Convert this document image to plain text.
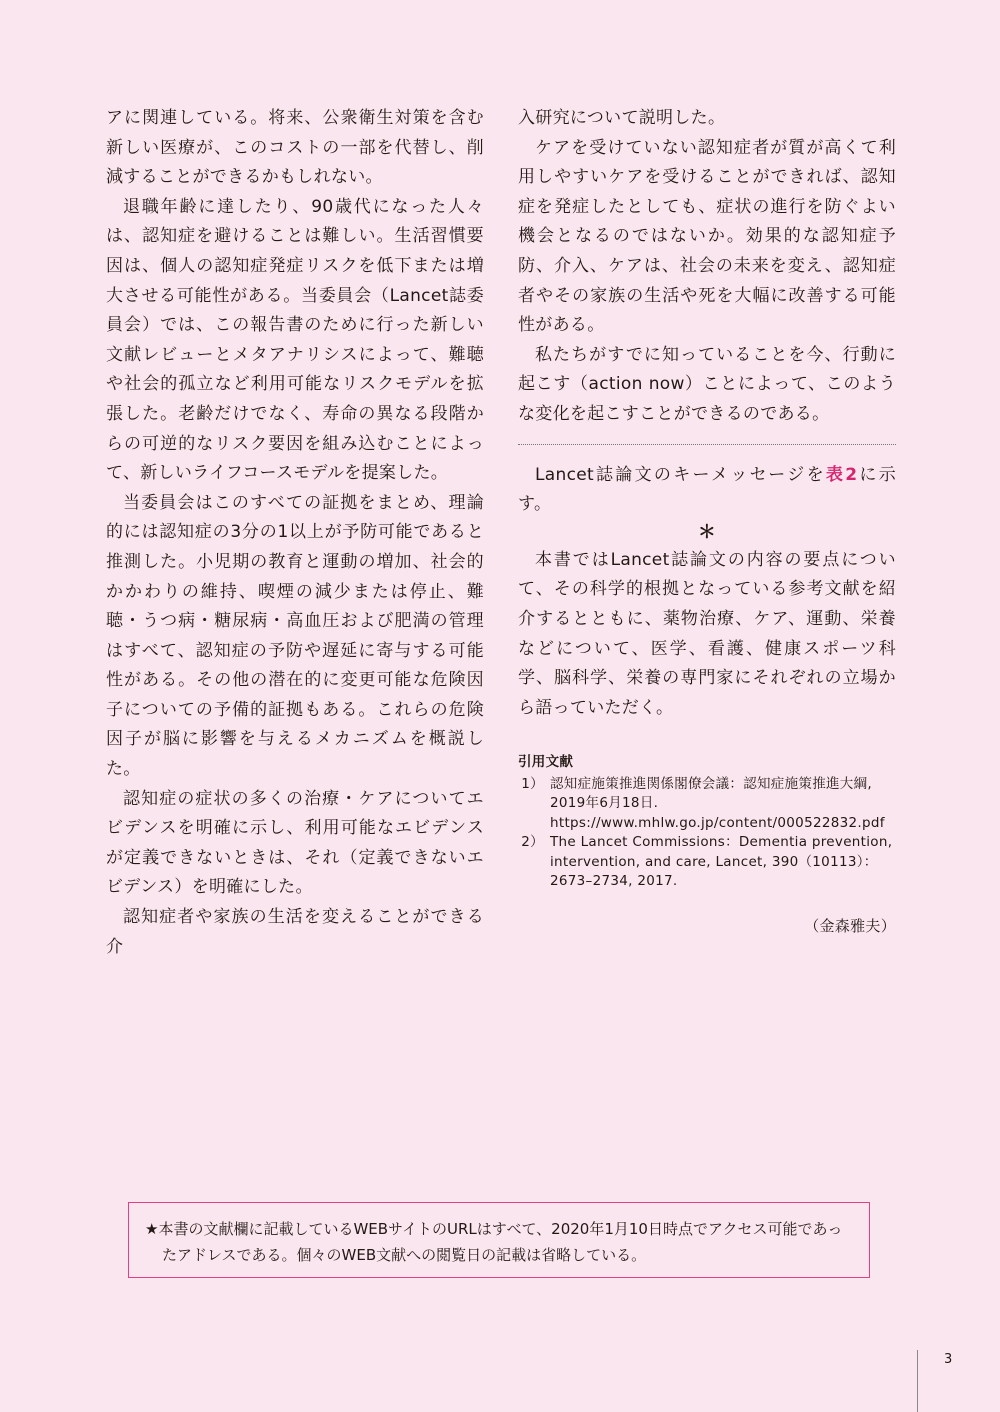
アに関連している。将来、公衆衛生対策を含む新しい医療が、このコストの一部を代替し、削減することができるかもしれない。

退職年齢に達したり、90歳代になった人々は、認知症を避けることは難しい。生活習慣要因は、個人の認知症発症リスクを低下または増大させる可能性がある。当委員会（Lancet誌委員会）では、この報告書のために行った新しい文献レビューとメタアナリシスによって、難聴や社会的孤立など利用可能なリスクモデルを拡張した。老齢だけでなく、寿命の異なる段階からの可逆的なリスク要因を組み込むことによって、新しいライフコースモデルを提案した。

当委員会はこのすべての証拠をまとめ、理論的には認知症の3分の1以上が予防可能であると推測した。小児期の教育と運動の増加、社会的かかわりの維持、喫煙の減少または停止、難聴・うつ病・糖尿病・高血圧および肥満の管理はすべて、認知症の予防や遅延に寄与する可能性がある。その他の潜在的に変更可能な危険因子についての予備的証拠もある。これらの危険因子が脳に影響を与えるメカニズムを概説した。

認知症の症状の多くの治療・ケアについてエビデンスを明確に示し、利用可能なエビデンスが定義できないときは、それ（定義できないエビデンス）を明確にした。

認知症者や家族の生活を変えることができる介

入研究について説明した。

ケアを受けていない認知症者が質が高くて利用しやすいケアを受けることができれば、認知症を発症したとしても、症状の進行を防ぐよい機会となるのではないか。効果的な認知症予防、介入、ケアは、社会の未来を変え、認知症者やその家族の生活や死を大幅に改善する可能性がある。

私たちがすでに知っていることを今、行動に起こす（action now）ことによって、このような変化を起こすことができるのである。

Lancet誌論文のキーメッセージを表2に示す。

＊

本書ではLancet誌論文の内容の要点について、その科学的根拠となっている参考文献を紹介するとともに、薬物治療、ケア、運動、栄養などについて、医学、看護、健康スポーツ科学、脳科学、栄養の専門家にそれぞれの立場から語っていただく。

引用文献
1） 認知症施策推進関係閣僚会議：認知症施策推進大綱,
2019年6月18日.
https://www.mhlw.go.jp/content/000522832.pdf
2） The Lancet Commissions：Dementia prevention, intervention, and care, Lancet, 390（10113）：2673–2734, 2017.
（金森雅夫）

★本書の文献欄に記載しているWEBサイトのURLはすべて、2020年1月10日時点でアクセス可能であったアドレスである。個々のWEB文献への閲覧日の記載は省略している。

3
